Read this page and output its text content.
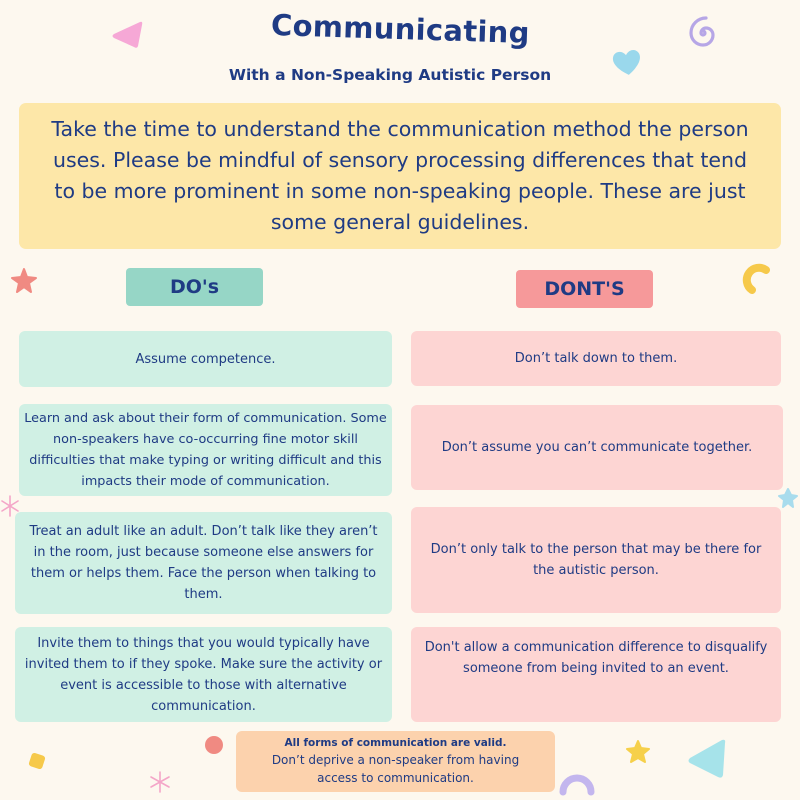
Communicating
With a Non-Speaking Autistic Person
Take the time to understand the communication method the person uses. Please be mindful of sensory processing differences that tend to be more prominent in some non-speaking people. These are just some general guidelines.
DO's	DONT'S
Assume competence.
Learn and ask about their form of communication. Some non-speakers have co-occurring fine motor skill difficulties that make typing or writing difficult and this impacts their mode of communication.
Treat an adult like an adult. Don’t talk like they aren’t in the room, just because someone else answers for them or helps them. Face the person when talking to them.
Invite them to things that you would typically have invited them to if they spoke. Make sure the activity or event is accessible to those with alternative communication.
Don’t talk down to them.
Don’t assume you can’t communicate together.
Don’t only talk to the person that may be there for the autistic person.
Don't allow a communication difference to disqualify someone from being invited to an event.
All forms of communication are valid.
Don’t deprive a non-speaker from having access to communication.
